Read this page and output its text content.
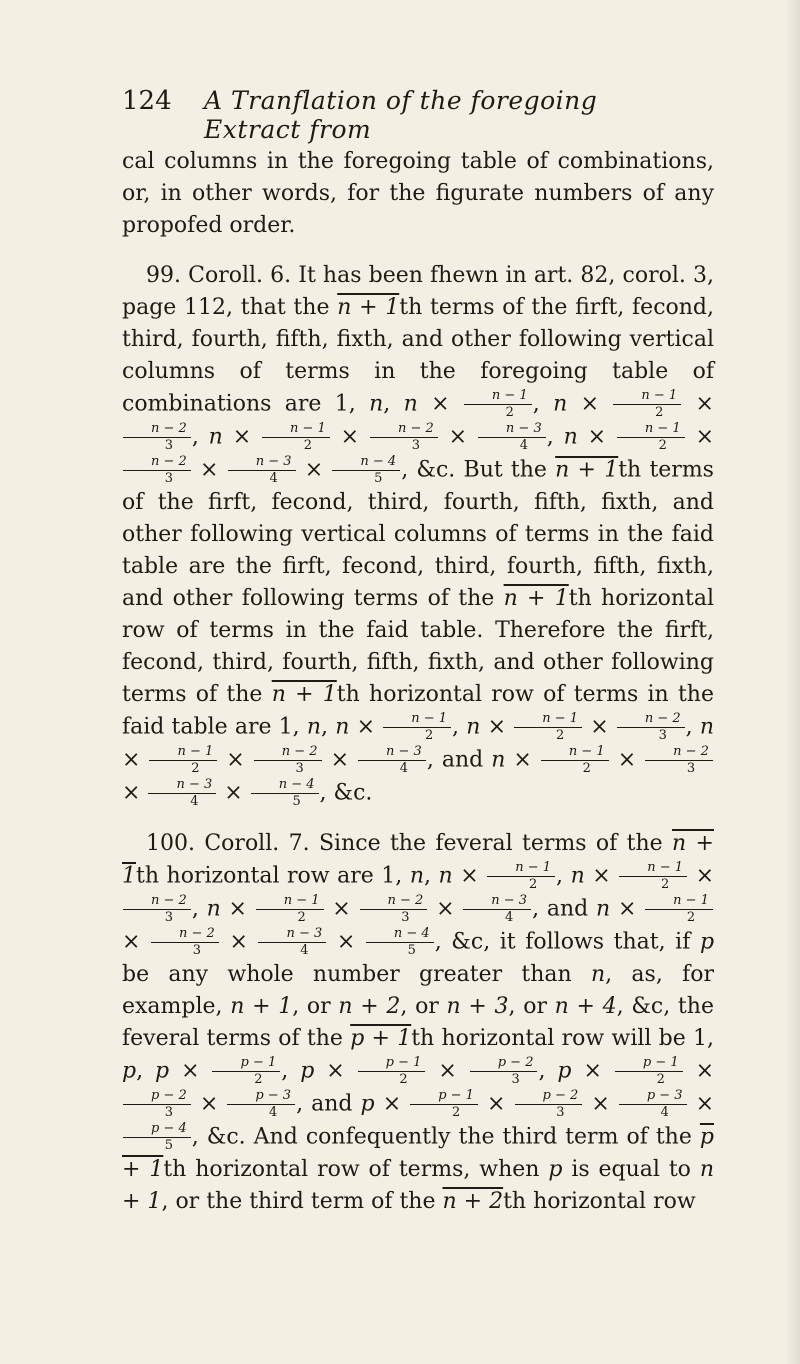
124 A Tranflation of the foregoing Extract from

cal columns in the foregoing table of combinations, or, in other words, for the figurate numbers of any propofed order.

99. Coroll. 6. It has been fhewn in art. 82, corol. 3, page 112, that the n + 1th terms of the firft, fecond, third, fourth, fifth, fixth, and other following vertical columns of terms in the foregoing table of combinations are 1, n, $n \times \frac{n - 1}{2}$ , $n \times \frac{n - 1}{2}$ ×
$\frac{n - 2}{3}$ , $n \times \frac{n - 1}{2} \times \frac{n - 2}{3} \times \frac{n - 3}{4}$ , $n \times \frac{n - 1}{2}$ ×
$\frac{n - 2}{3} \times \frac{n - 3}{4} \times \frac{n - 4}{5}$ , &c. But the n + 1th terms of the firft, fecond, third, fourth, fifth, fixth, and other following vertical columns of terms in the faid table are the firft, fecond, third, fourth, fifth, fixth, and other following terms of the n + 1th horizontal row of terms in the faid table. Therefore the firft, fecond, third, fourth, fifth, fixth, and other following terms of the n + 1th horizontal row of terms in the faid table are 1, n, $n \times \frac{n - 1}{2}$ , $n \times \frac{n - 1}{2} \times \frac{n - 2}{3}$ , $n \times \frac{n - 1}{2} \times \frac{n - 2}{3} \times \frac{n - 3}{4}$ , and $n \times \frac{n - 1}{2} \times \frac{n - 2}{3}$
× $\frac{n - 3}{4} \times \frac{n - 4}{5}$ , &c.

100. Coroll. 7. Since the feveral terms of the n + 1th horizontal row are 1, n, $n \times \frac{n - 1}{2}$ , $n \times \frac{n - 1}{2}$ ×
$\frac{n - 2}{3}$ , $n \times \frac{n - 1}{2} \times \frac{n - 2}{3} \times \frac{n - 3}{4}$ , and $n \times \frac{n - 1}{2}$
× $\frac{n - 2}{3} \times \frac{n - 3}{4} \times \frac{n - 4}{5}$ , &c, it follows that, if p be any whole number greater than n, as, for example, n + 1, or n + 2, or n + 3, or n + 4, &c, the feveral terms of the p + 1th horizontal row will be 1, p, $p \times \frac{p - 1}{2}$ , $p \times \frac{p - 1}{2} \times \frac{p - 2}{3}$ , $p \times \frac{p - 1}{2}$ ×
$\frac{p - 2}{3} \times \frac{p - 3}{4}$ , and $p \times \frac{p - 1}{2} \times \frac{p - 2}{3} \times \frac{p - 3}{4}$ ×
$\frac{p - 4}{5}$ , &c. And confequently the third term of the p + 1th horizontal row of terms, when p is equal to n + 1, or the third term of the n + 2th horizontal row
